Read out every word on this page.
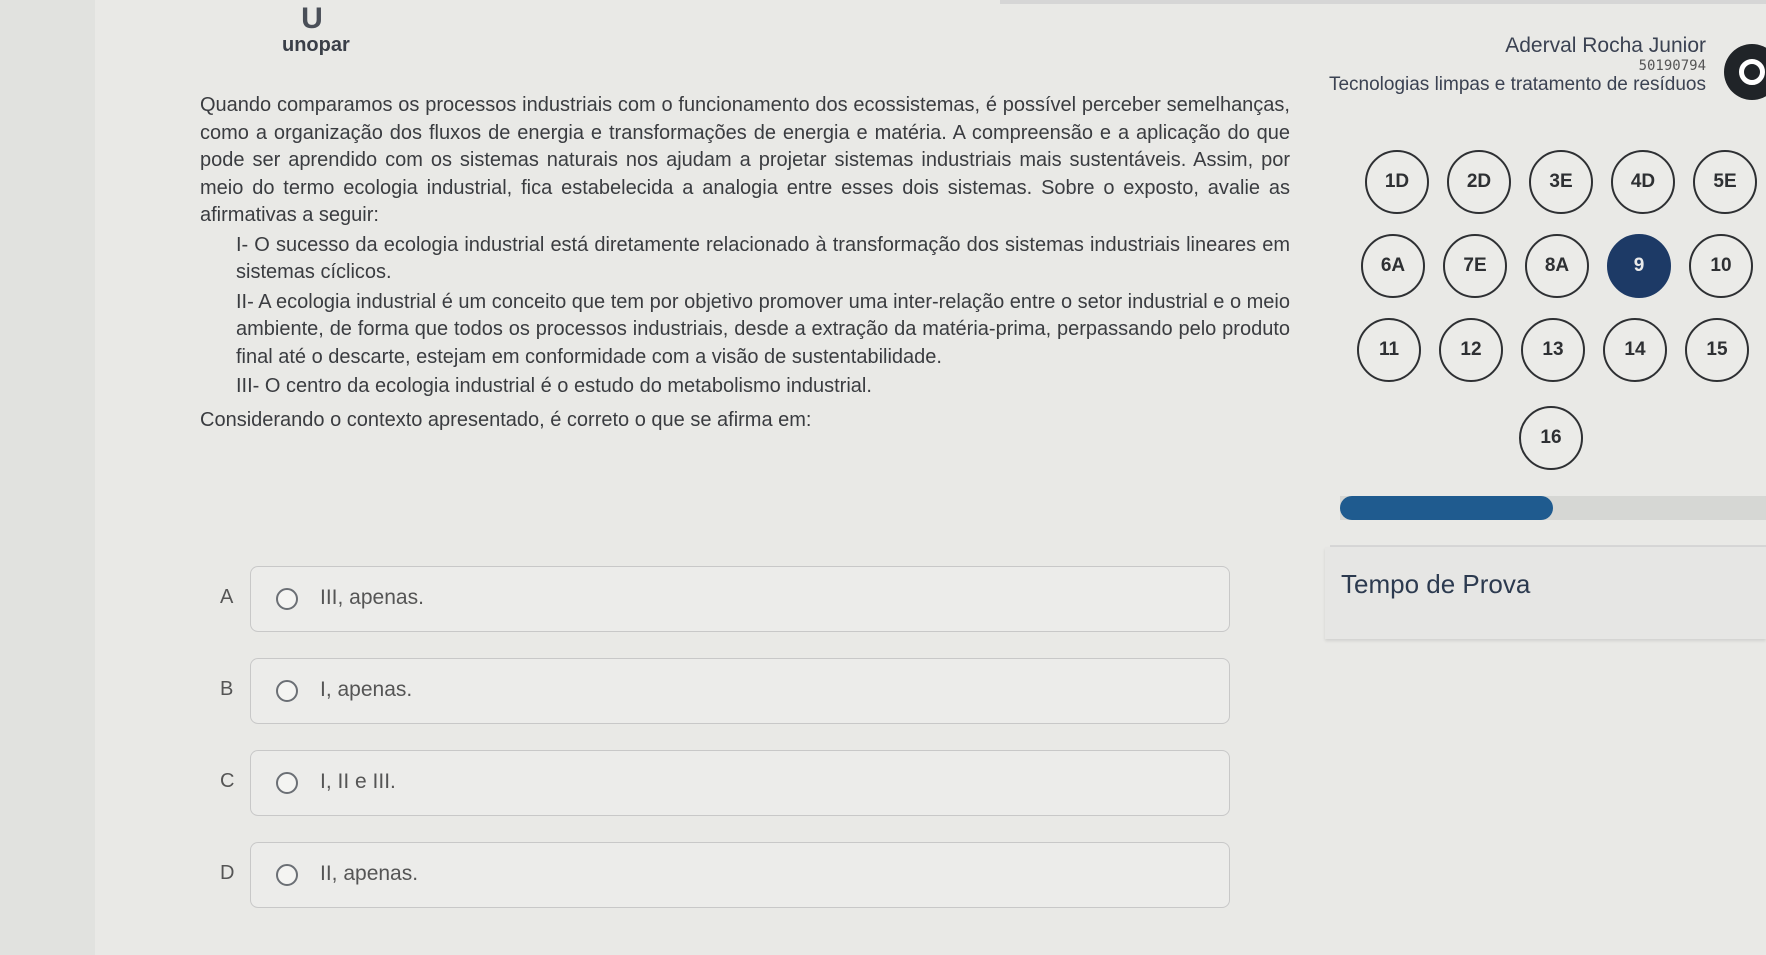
U
unopar	Aderval Rocha Junior
50190794
Tecnologias limpas e tratamento de resíduos

Quando comparamos os processos industriais com o funcionamento dos ecossistemas, é possível perceber semelhanças, como a organização dos fluxos de energia e transformações de energia e matéria. A compreensão e a aplicação do que pode ser aprendido com os sistemas naturais nos ajudam a projetar sistemas industriais mais sustentáveis. Assim, por meio do termo ecologia industrial, fica estabelecida a analogia entre esses dois sistemas. Sobre o exposto, avalie as afirmativas a seguir:

I- O sucesso da ecologia industrial está diretamente relacionado à transformação dos sistemas industriais lineares em sistemas cíclicos.

II- A ecologia industrial é um conceito que tem por objetivo promover uma inter-relação entre o setor industrial e o meio ambiente, de forma que todos os processos industriais, desde a extração da matéria-prima, perpassando pelo produto final até o descarte, estejam em conformidade com a visão de sustentabilidade.

III- O centro da ecologia industrial é o estudo do metabolismo industrial.

Considerando o contexto apresentado, é correto o que se afirma em:

A	III, apenas.
B	I, apenas.
C	I, II e III.
D	II, apenas.
1D	2D	3E	4D	5E
6A	7E	8A	9	10
11	12	13	14	15
16
Tempo de Prova
